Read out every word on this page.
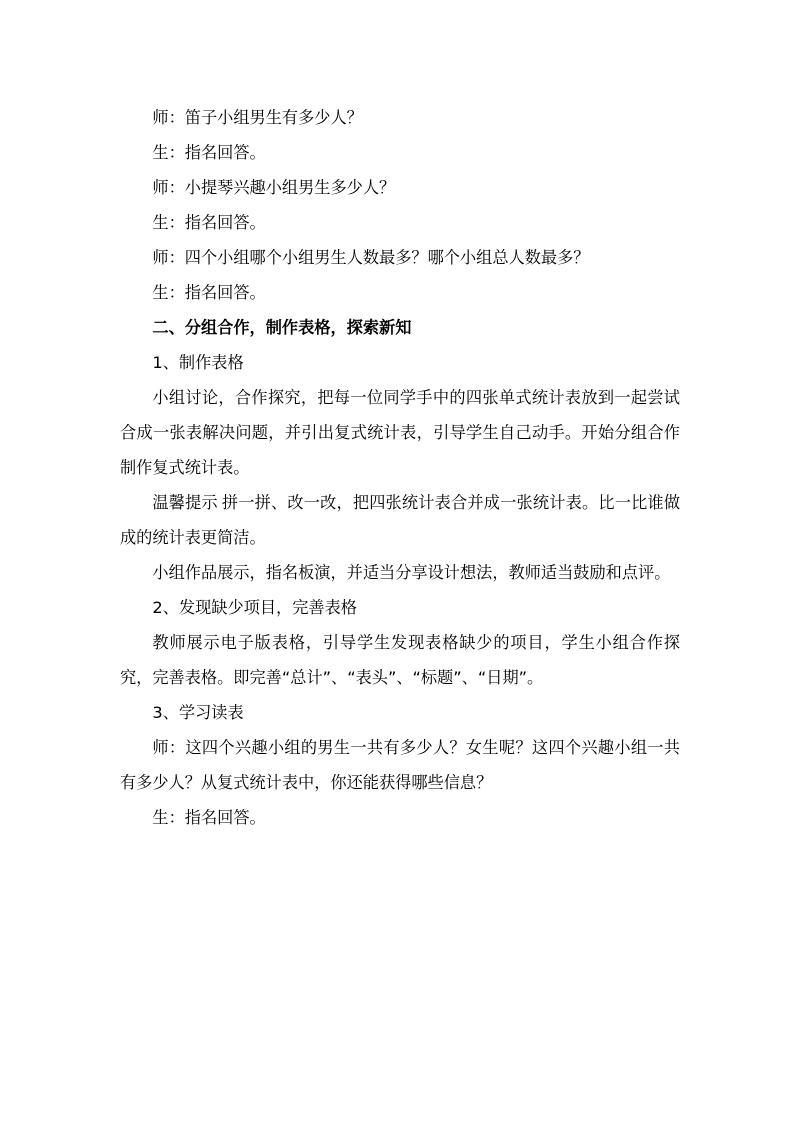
师：笛子小组男生有多少人？

生：指名回答。

师：小提琴兴趣小组男生多少人？

生：指名回答。

师：四个小组哪个小组男生人数最多？哪个小组总人数最多？

生：指名回答。

二、分组合作，制作表格，探索新知

1、制作表格

小组讨论，合作探究，把每一位同学手中的四张单式统计表放到一起尝试合成一张表解决问题，并引出复式统计表，引导学生自己动手。开始分组合作制作复式统计表。

温馨提示 拼一拼、改一改，把四张统计表合并成一张统计表。比一比谁做成的统计表更简洁。

小组作品展示，指名板演，并适当分享设计想法，教师适当鼓励和点评。

2、发现缺少项目，完善表格

教师展示电子版表格，引导学生发现表格缺少的项目，学生小组合作探究，完善表格。即完善“总计”、“表头”、“标题”、“日期”。

3、学习读表

师：这四个兴趣小组的男生一共有多少人？女生呢？这四个兴趣小组一共有多少人？从复式统计表中，你还能获得哪些信息？

生：指名回答。
